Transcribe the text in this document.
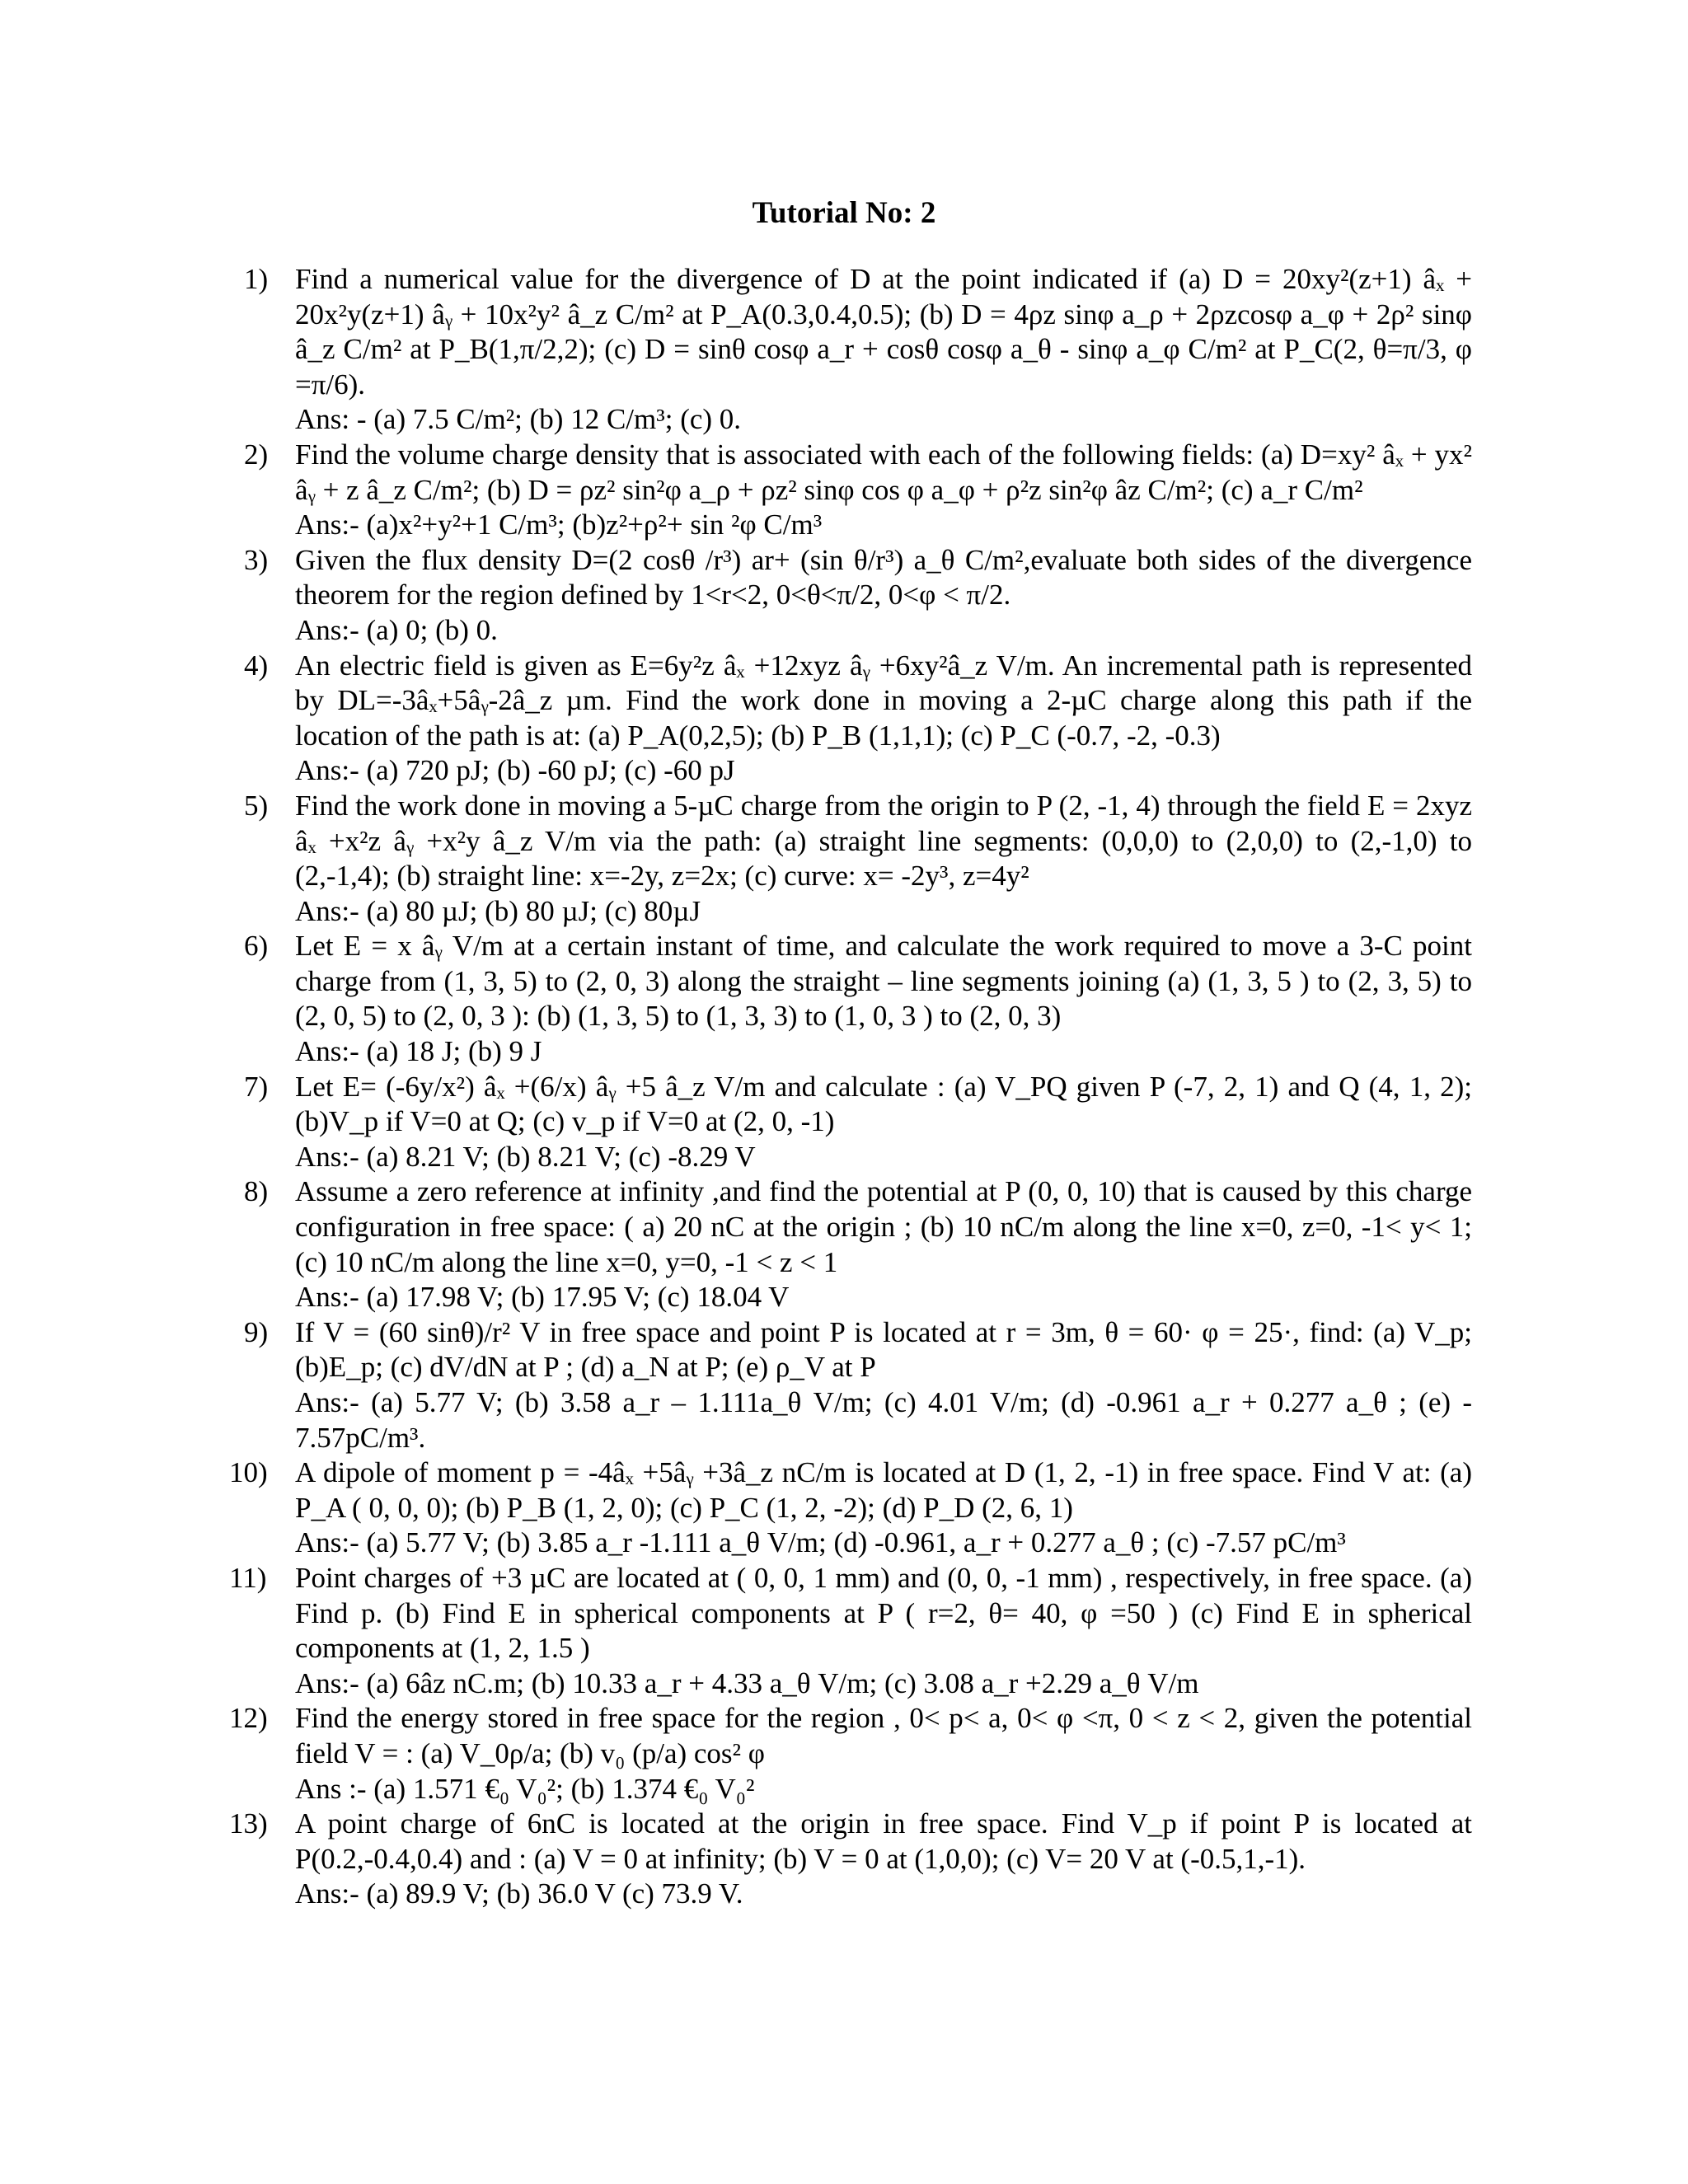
Tutorial No: 2
1) Find a numerical value for the divergence of D at the point indicated if (a) D = 20xy²(z+1) âₓ + 20x²y(z+1) âᵧ + 10x²y² â_z C/m² at P_A(0.3,0.4,0.5); (b) D = 4ρz sinφ a_ρ + 2ρzcosφ a_φ + 2ρ² sinφ â_z C/m² at P_B(1,π/2,2); (c) D = sinθ cosφ a_r + cosθ cosφ a_θ - sinφ a_φ C/m² at P_C(2, θ=π/3, φ =π/6).
Ans: - (a) 7.5 C/m²; (b) 12 C/m³; (c) 0.
2) Find the volume charge density that is associated with each of the following fields: (a) D=xy² âₓ + yx² âᵧ + z â_z C/m²; (b) D = ρz² sin²φ a_ρ + ρz² sinφ cos φ a_φ + ρ²z sin²φ âz C/m²; (c) a_r C/m²
Ans:- (a)x²+y²+1 C/m³; (b)z²+ρ²+ sin ²φ C/m³
3) Given the flux density D=(2 cosθ /r³) ar+ (sin θ/r³) a_θ C/m²,evaluate both sides of the divergence theorem for the region defined by 1<r<2, 0<θ<π/2, 0<φ < π/2.
Ans:- (a) 0; (b) 0.
4) An electric field is given as E=6y²z âₓ +12xyz âᵧ +6xy²â_z V/m. An incremental path is represented by DL=-3âₓ+5âᵧ-2â_z µm. Find the work done in moving a 2-µC charge along this path if the location of the path is at: (a) P_A(0,2,5); (b) P_B (1,1,1); (c) P_C (-0.7, -2, -0.3)
Ans:- (a) 720 pJ; (b) -60 pJ; (c) -60 pJ
5) Find the work done in moving a 5-µC charge from the origin to P (2, -1, 4) through the field E = 2xyz âₓ +x²z âᵧ +x²y â_z V/m via the path: (a) straight line segments: (0,0,0) to (2,0,0) to (2,-1,0) to (2,-1,4); (b) straight line: x=-2y, z=2x; (c) curve: x= -2y³, z=4y²
Ans:- (a) 80 µJ; (b) 80 µJ; (c) 80µJ
6) Let E = x âᵧ V/m at a certain instant of time, and calculate the work required to move a 3-C point charge from (1, 3, 5) to (2, 0, 3) along the straight – line segments joining (a) (1, 3, 5 ) to (2, 3, 5) to (2, 0, 5) to (2, 0, 3 ): (b) (1, 3, 5) to (1, 3, 3) to (1, 0, 3 ) to (2, 0, 3)
Ans:- (a) 18 J; (b) 9 J
7) Let E= (-6y/x²) âₓ +(6/x) âᵧ +5 â_z V/m and calculate : (a) V_PQ given P (-7, 2, 1) and Q (4, 1, 2); (b)V_p if V=0 at Q; (c) v_p if V=0 at (2, 0, -1)
Ans:- (a) 8.21 V; (b) 8.21 V; (c) -8.29 V
8) Assume a zero reference at infinity ,and find the potential at P (0, 0, 10) that is caused by this charge configuration in free space: ( a) 20 nC at the origin ; (b) 10 nC/m along the line x=0, z=0, -1< y< 1; (c) 10 nC/m along the line x=0, y=0, -1 < z < 1
Ans:- (a) 17.98 V; (b) 17.95 V; (c) 18.04 V
9) If V = (60 sinθ)/r² V in free space and point P is located at r = 3m, θ = 60· φ = 25·, find: (a) V_p; (b)E_p; (c) dV/dN at P ; (d) a_N at P; (e) ρ_V at P
Ans:- (a) 5.77 V; (b) 3.58 a_r – 1.111a_θ V/m; (c) 4.01 V/m; (d) -0.961 a_r + 0.277 a_θ ; (e) - 7.57pC/m³.
10) A dipole of moment p = -4âₓ +5âᵧ +3â_z nC/m is located at D (1, 2, -1) in free space. Find V at: (a) P_A ( 0, 0, 0); (b) P_B (1, 2, 0); (c) P_C (1, 2, -2); (d) P_D (2, 6, 1)
Ans:- (a) 5.77 V; (b) 3.85 a_r -1.111 a_θ V/m; (d) -0.961, a_r + 0.277 a_θ ; (c) -7.57 pC/m³
11) Point charges of +3 µC are located at ( 0, 0, 1 mm) and (0, 0, -1 mm) , respectively, in free space. (a) Find p. (b) Find E in spherical components at P ( r=2, θ= 40, φ =50 ) (c) Find E in spherical components at (1, 2, 1.5 )
Ans:- (a) 6âz nC.m; (b) 10.33 a_r + 4.33 a_θ V/m; (c) 3.08 a_r +2.29 a_θ V/m
12) Find the energy stored in free space for the region , 0< p< a, 0< φ <π, 0 < z < 2, given the potential field V = : (a) V_0ρ/a; (b) v₀ (p/a) cos² φ
Ans :- (a) 1.571 €₀ V₀²; (b) 1.374 €₀ V₀²
13) A point charge of 6nC is located at the origin in free space. Find V_p if point P is located at P(0.2,-0.4,0.4) and : (a) V = 0 at infinity; (b) V = 0 at (1,0,0); (c) V= 20 V at (-0.5,1,-1).
Ans:- (a) 89.9 V; (b) 36.0 V (c) 73.9 V.
